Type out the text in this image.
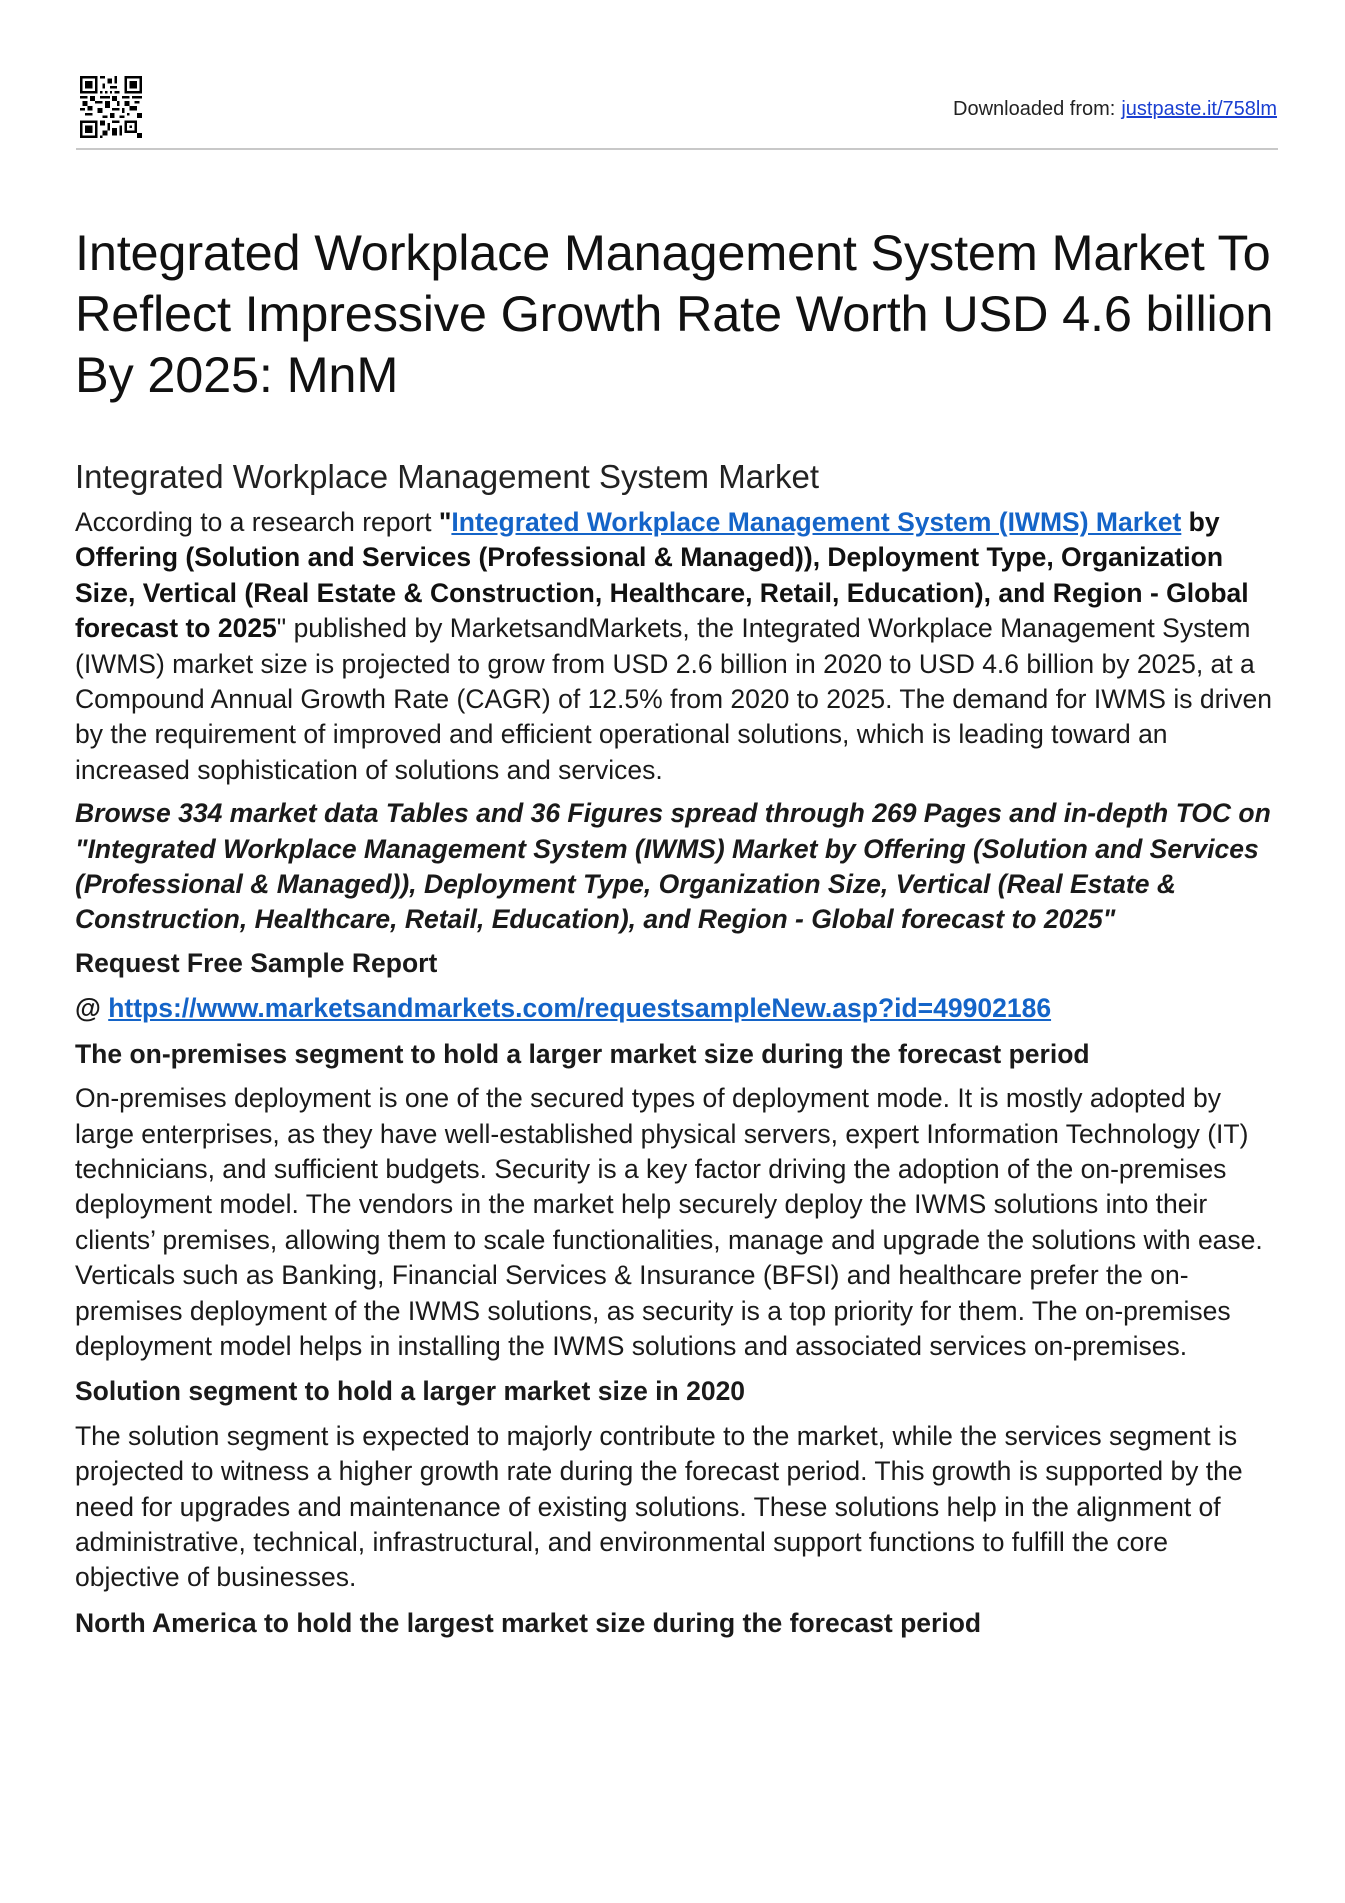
Downloaded from: justpaste.it/758lm
Integrated Workplace Management System Market To Reflect Impressive Growth Rate Worth USD 4.6 billion By 2025: MnM
Integrated Workplace Management System Market

According to a research report "Integrated Workplace Management System (IWMS) Market by Offering (Solution and Services (Professional & Managed)), Deployment Type, Organization Size, Vertical (Real Estate & Construction, Healthcare, Retail, Education), and Region - Global forecast to 2025" published by MarketsandMarkets, the Integrated Workplace Management System (IWMS) market size is projected to grow from USD 2.6 billion in 2020 to USD 4.6 billion by 2025, at a Compound Annual Growth Rate (CAGR) of 12.5% from 2020 to 2025. The demand for IWMS is driven by the requirement of improved and efficient operational solutions, which is leading toward an increased sophistication of solutions and services.

Browse 334 market data Tables and 36 Figures spread through 269 Pages and in-depth TOC on "Integrated Workplace Management System (IWMS) Market by Offering (Solution and Services (Professional & Managed)), Deployment Type, Organization Size, Vertical (Real Estate & Construction, Healthcare, Retail, Education), and Region - Global forecast to 2025"

Request Free Sample Report

@ https://www.marketsandmarkets.com/requestsampleNew.asp?id=49902186

The on-premises segment to hold a larger market size during the forecast period

On-premises deployment is one of the secured types of deployment mode. It is mostly adopted by large enterprises, as they have well-established physical servers, expert Information Technology (IT) technicians, and sufficient budgets. Security is a key factor driving the adoption of the on-premises deployment model. The vendors in the market help securely deploy the IWMS solutions into their clients’ premises, allowing them to scale functionalities, manage and upgrade the solutions with ease. Verticals such as Banking, Financial Services & Insurance (BFSI) and healthcare prefer the on-premises deployment of the IWMS solutions, as security is a top priority for them. The on-premises deployment model helps in installing the IWMS solutions and associated services on-premises.

Solution segment to hold a larger market size in 2020

The solution segment is expected to majorly contribute to the market, while the services segment is projected to witness a higher growth rate during the forecast period. This growth is supported by the need for upgrades and maintenance of existing solutions. These solutions help in the alignment of administrative, technical, infrastructural, and environmental support functions to fulfill the core objective of businesses.

North America to hold the largest market size during the forecast period
